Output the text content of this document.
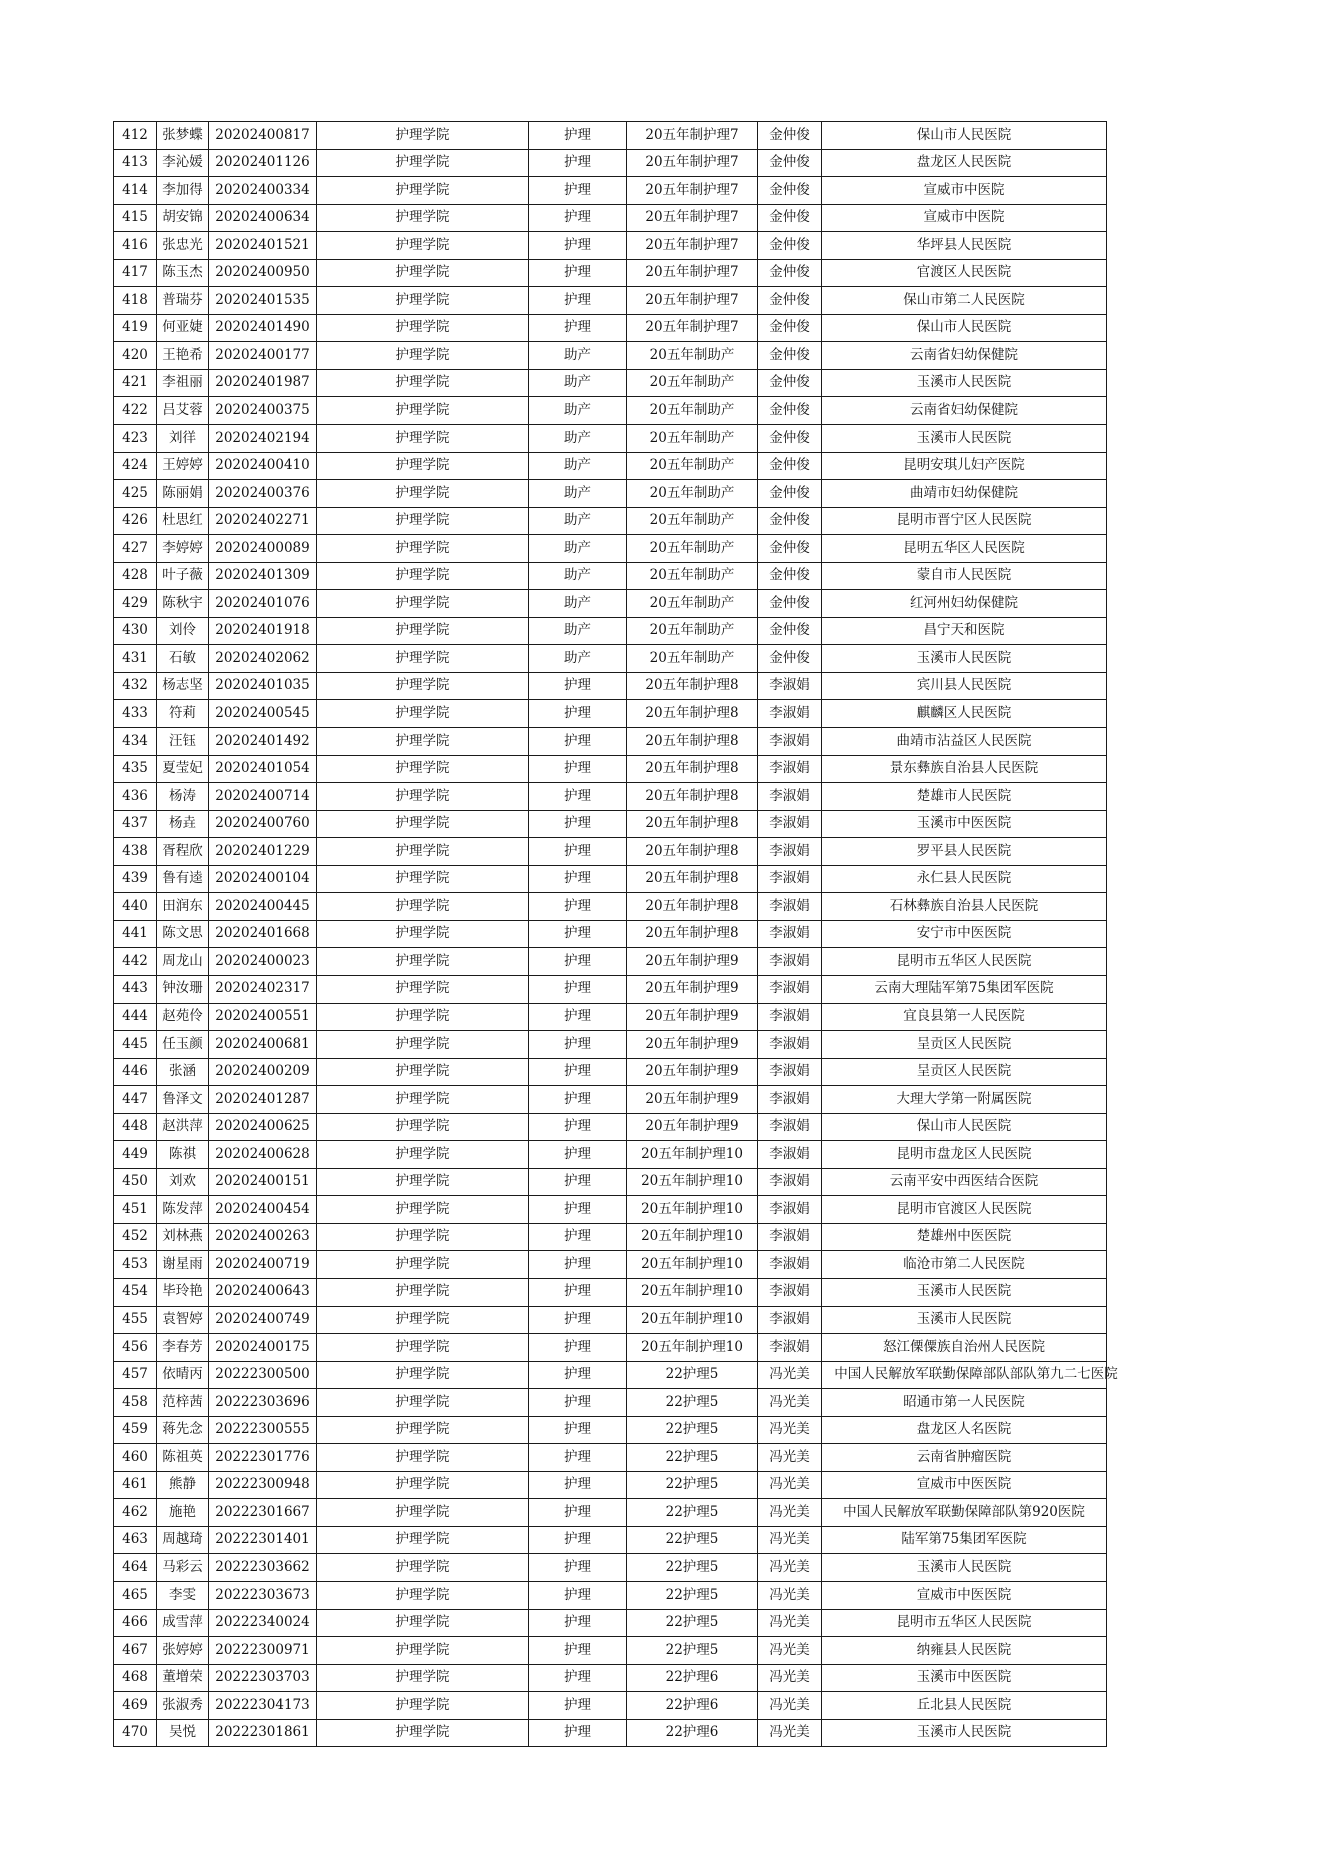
412	张梦蝶	20202400817	护理学院	护理	20五年制护理7	金仲俊	保山市人民医院
413	李沁媛	20202401126	护理学院	护理	20五年制护理7	金仲俊	盘龙区人民医院
414	李加得	20202400334	护理学院	护理	20五年制护理7	金仲俊	宣威市中医院
415	胡安锦	20202400634	护理学院	护理	20五年制护理7	金仲俊	宣威市中医院
416	张忠光	20202401521	护理学院	护理	20五年制护理7	金仲俊	华坪县人民医院
417	陈玉杰	20202400950	护理学院	护理	20五年制护理7	金仲俊	官渡区人民医院
418	普瑞芬	20202401535	护理学院	护理	20五年制护理7	金仲俊	保山市第二人民医院
419	何亚婕	20202401490	护理学院	护理	20五年制护理7	金仲俊	保山市人民医院
420	王艳希	20202400177	护理学院	助产	20五年制助产	金仲俊	云南省妇幼保健院
421	李祖丽	20202401987	护理学院	助产	20五年制助产	金仲俊	玉溪市人民医院
422	吕艾蓉	20202400375	护理学院	助产	20五年制助产	金仲俊	云南省妇幼保健院
423	刘徉	20202402194	护理学院	助产	20五年制助产	金仲俊	玉溪市人民医院
424	王婷婷	20202400410	护理学院	助产	20五年制助产	金仲俊	昆明安琪儿妇产医院
425	陈丽娟	20202400376	护理学院	助产	20五年制助产	金仲俊	曲靖市妇幼保健院
426	杜思红	20202402271	护理学院	助产	20五年制助产	金仲俊	昆明市晋宁区人民医院
427	李婷婷	20202400089	护理学院	助产	20五年制助产	金仲俊	昆明五华区人民医院
428	叶子薇	20202401309	护理学院	助产	20五年制助产	金仲俊	蒙自市人民医院
429	陈秋宇	20202401076	护理学院	助产	20五年制助产	金仲俊	红河州妇幼保健院
430	刘伶	20202401918	护理学院	助产	20五年制助产	金仲俊	昌宁天和医院
431	石敏	20202402062	护理学院	助产	20五年制助产	金仲俊	玉溪市人民医院
432	杨志坚	20202401035	护理学院	护理	20五年制护理8	李淑娟	宾川县人民医院
433	符莉	20202400545	护理学院	护理	20五年制护理8	李淑娟	麒麟区人民医院
434	汪钰	20202401492	护理学院	护理	20五年制护理8	李淑娟	曲靖市沾益区人民医院
435	夏莹妃	20202401054	护理学院	护理	20五年制护理8	李淑娟	景东彝族自治县人民医院
436	杨涛	20202400714	护理学院	护理	20五年制护理8	李淑娟	楚雄市人民医院
437	杨垚	20202400760	护理学院	护理	20五年制护理8	李淑娟	玉溪市中医医院
438	胥程欣	20202401229	护理学院	护理	20五年制护理8	李淑娟	罗平县人民医院
439	鲁有逵	20202400104	护理学院	护理	20五年制护理8	李淑娟	永仁县人民医院
440	田润东	20202400445	护理学院	护理	20五年制护理8	李淑娟	石林彝族自治县人民医院
441	陈文思	20202401668	护理学院	护理	20五年制护理8	李淑娟	安宁市中医医院
442	周龙山	20202400023	护理学院	护理	20五年制护理9	李淑娟	昆明市五华区人民医院
443	钟汝珊	20202402317	护理学院	护理	20五年制护理9	李淑娟	云南大理陆军第75集团军医院
444	赵苑伶	20202400551	护理学院	护理	20五年制护理9	李淑娟	宜良县第一人民医院
445	任玉颜	20202400681	护理学院	护理	20五年制护理9	李淑娟	呈贡区人民医院
446	张涵	20202400209	护理学院	护理	20五年制护理9	李淑娟	呈贡区人民医院
447	鲁泽文	20202401287	护理学院	护理	20五年制护理9	李淑娟	大理大学第一附属医院
448	赵洪萍	20202400625	护理学院	护理	20五年制护理9	李淑娟	保山市人民医院
449	陈祺	20202400628	护理学院	护理	20五年制护理10	李淑娟	昆明市盘龙区人民医院
450	刘欢	20202400151	护理学院	护理	20五年制护理10	李淑娟	云南平安中西医结合医院
451	陈发萍	20202400454	护理学院	护理	20五年制护理10	李淑娟	昆明市官渡区人民医院
452	刘林燕	20202400263	护理学院	护理	20五年制护理10	李淑娟	楚雄州中医医院
453	谢星雨	20202400719	护理学院	护理	20五年制护理10	李淑娟	临沧市第二人民医院
454	毕玲艳	20202400643	护理学院	护理	20五年制护理10	李淑娟	玉溪市人民医院
455	袁智婷	20202400749	护理学院	护理	20五年制护理10	李淑娟	玉溪市人民医院
456	李春芳	20202400175	护理学院	护理	20五年制护理10	李淑娟	怒江傈僳族自治州人民医院
457	依晴丙	20222300500	护理学院	护理	22护理5	冯光美	中国人民解放军联勤保障部队部队第九二七医院
458	范梓茜	20222303696	护理学院	护理	22护理5	冯光美	昭通市第一人民医院
459	蒋先念	20222300555	护理学院	护理	22护理5	冯光美	盘龙区人名医院
460	陈祖英	20222301776	护理学院	护理	22护理5	冯光美	云南省肿瘤医院
461	熊静	20222300948	护理学院	护理	22护理5	冯光美	宣威市中医医院
462	施艳	20222301667	护理学院	护理	22护理5	冯光美	中国人民解放军联勤保障部队第920医院
463	周越琦	20222301401	护理学院	护理	22护理5	冯光美	陆军第75集团军医院
464	马彩云	20222303662	护理学院	护理	22护理5	冯光美	玉溪市人民医院
465	李雯	20222303673	护理学院	护理	22护理5	冯光美	宣威市中医医院
466	成雪萍	20222340024	护理学院	护理	22护理5	冯光美	昆明市五华区人民医院
467	张婷婷	20222300971	护理学院	护理	22护理5	冯光美	纳雍县人民医院
468	董增荣	20222303703	护理学院	护理	22护理6	冯光美	玉溪市中医医院
469	张淑秀	20222304173	护理学院	护理	22护理6	冯光美	丘北县人民医院
470	吴悦	20222301861	护理学院	护理	22护理6	冯光美	玉溪市人民医院
